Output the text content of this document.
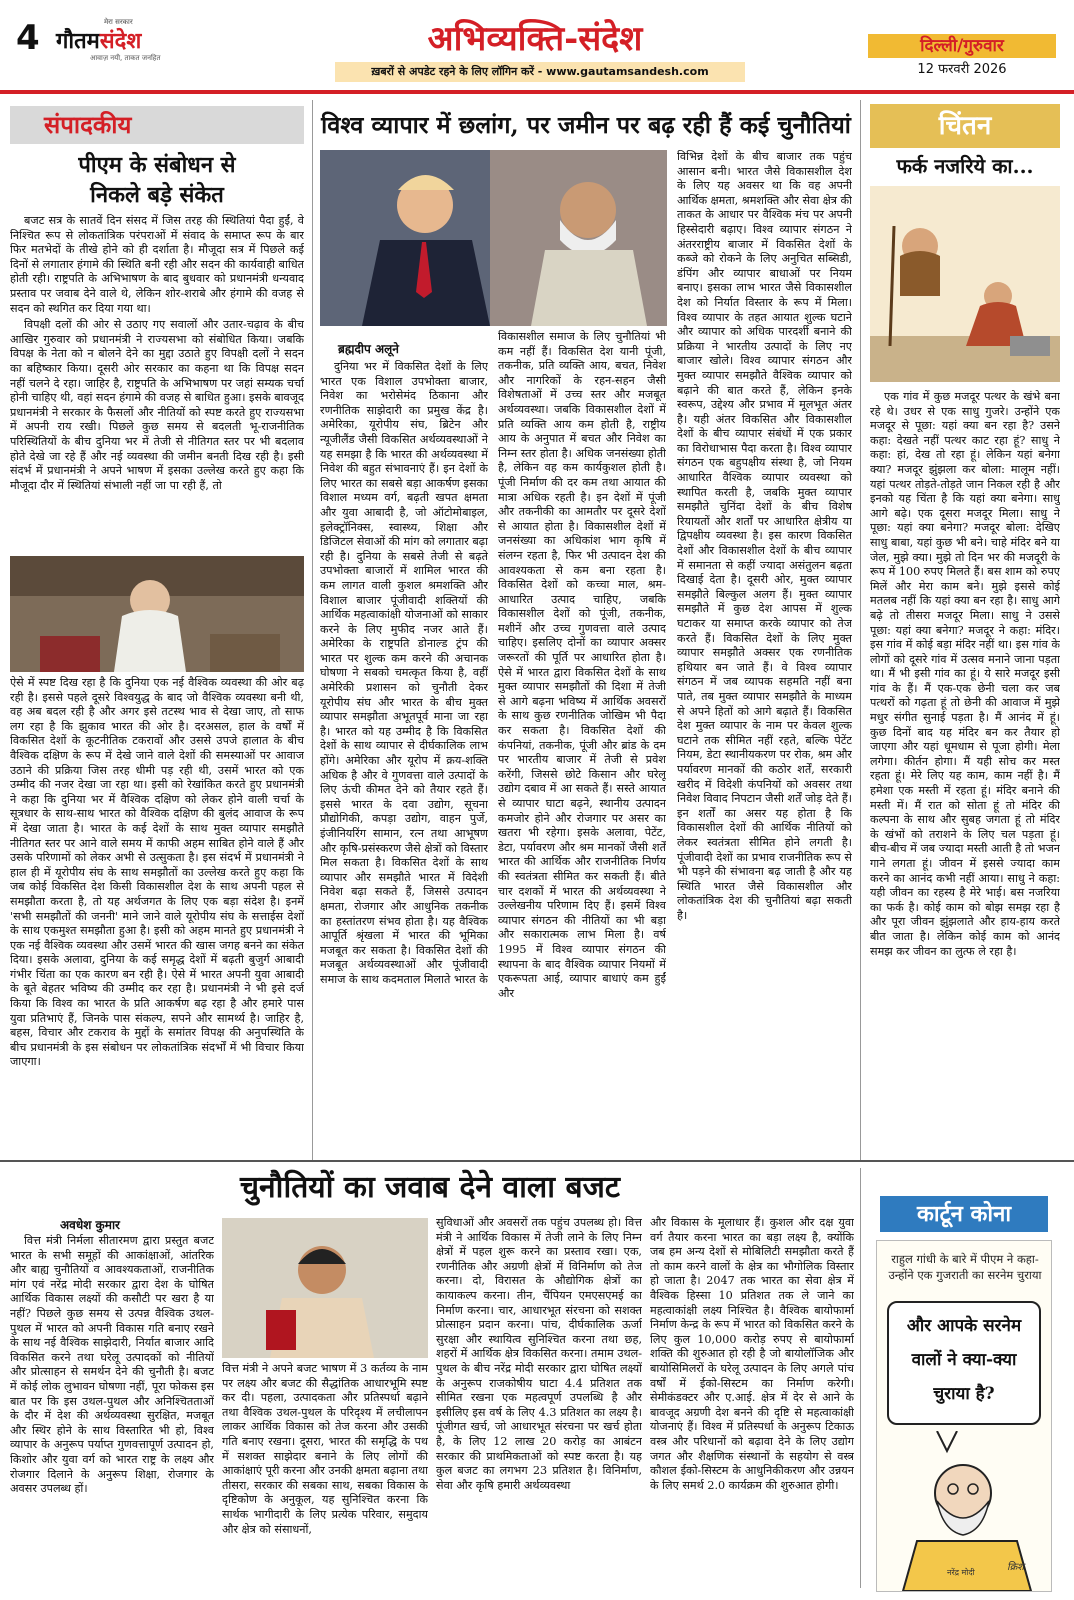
4	मेरा सरकार
गौतमसंदेश
आवाज़ नयी, ताकत जनहित	अभिव्यक्ति-संदेश
ख़बरों से अपडेट रहने के लिए लॉगिन करें - www.gautamsandesh.com
दिल्ली/गुरुवार
12 फरवरी 2026
संपादकीय
पीएम के संबोधन से
निकले बड़े संकेत

बजट सत्र के सातवें दिन संसद में जिस तरह की स्थितियां पैदा हुईं, वे निश्चित रूप से लोकतांत्रिक परंपराओं में संवाद के समाप्त रूप के बार फिर मतभेदों के तीखे होने को ही दर्शाता है। मौजूदा सत्र में पिछले कई दिनों से लगातार हंगामे की स्थिति बनी रही और सदन की कार्यवाही बाधित होती रही। राष्ट्रपति के अभिभाषण के बाद बुधवार को प्रधानमंत्री धन्यवाद प्रस्ताव पर जवाब देने वाले थे, लेकिन शोर-शराबे और हंगामे की वजह से सदन को स्थगित कर दिया गया था।

विपक्षी दलों की ओर से उठाए गए सवालों और उतार-चढ़ाव के बीच आखिर गुरुवार को प्रधानमंत्री ने राज्यसभा को संबोधित किया। जबकि विपक्ष के नेता को न बोलने देने का मुद्दा उठाते हुए विपक्षी दलों ने सदन का बहिष्कार किया। दूसरी ओर सरकार का कहना था कि विपक्ष सदन नहीं चलने दे रहा। जाहिर है, राष्ट्रपति के अभिभाषण पर जहां सम्यक चर्चा होनी चाहिए थी, वहां सदन हंगामे की वजह से बाधित हुआ। इसके बावजूद प्रधानमंत्री ने सरकार के फैसलों और नीतियों को स्पष्ट करते हुए राज्यसभा में अपनी राय रखी। पिछले कुछ समय से बदलती भू-राजनीतिक परिस्थितियों के बीच दुनिया भर में तेजी से नीतिगत स्तर पर भी बदलाव होते देखे जा रहे हैं और नई व्यवस्था की जमीन बनती दिख रही है। इसी संदर्भ में प्रधानमंत्री ने अपने भाषण में इसका उल्लेख करते हुए कहा कि मौजूदा दौर में स्थितियां संभाली नहीं जा पा रही हैं, तो

ऐसे में स्पष्ट दिख रहा है कि दुनिया एक नई वैश्विक व्यवस्था की ओर बढ़ रही है। इससे पहले दूसरे विश्वयुद्ध के बाद जो वैश्विक व्यवस्था बनी थी, वह अब बदल रही है और अगर इसे तटस्थ भाव से देखा जाए, तो साफ लग रहा है कि झुकाव भारत की ओर है। दरअसल, हाल के वर्षों में विकसित देशों के कूटनीतिक टकरावों और उससे उपजे हालात के बीच वैश्विक दक्षिण के रूप में देखे जाने वाले देशों की समस्याओं पर आवाज उठाने की प्रक्रिया जिस तरह धीमी पड़ रही थी, उसमें भारत को एक उम्मीद की नजर देखा जा रहा था। इसी को रेखांकित करते हुए प्रधानमंत्री ने कहा कि दुनिया भर में वैश्विक दक्षिण को लेकर होने वाली चर्चा के सूत्रधार के साथ-साथ भारत को वैश्विक दक्षिण की बुलंद आवाज के रूप में देखा जाता है। भारत के कई देशों के साथ मुक्त व्यापार समझौते नीतिगत स्तर पर आने वाले समय में काफी अहम साबित होने वाले हैं और उसके परिणामों को लेकर अभी से उत्सुकता है। इस संदर्भ में प्रधानमंत्री ने हाल ही में यूरोपीय संघ के साथ समझौतों का उल्लेख करते हुए कहा कि जब कोई विकसित देश किसी विकासशील देश के साथ अपनी पहल से समझौता करता है, तो यह अर्थजगत के लिए एक बड़ा संदेश है। इनमें 'सभी समझौतों की जननी' माने जाने वाले यूरोपीय संघ के सत्ताईस देशों के साथ एकमुश्त समझौता हुआ है। इसी को अहम मानते हुए प्रधानमंत्री ने एक नई वैश्विक व्यवस्था और उसमें भारत की खास जगह बनने का संकेत दिया। इसके अलावा, दुनिया के कई समृद्ध देशों में बढ़ती बुजुर्ग आबादी गंभीर चिंता का एक कारण बन रही है। ऐसे में भारत अपनी युवा आबादी के बूते बेहतर भविष्य की उम्मीद कर रहा है। प्रधानमंत्री ने भी इसे दर्ज किया कि विश्व का भारत के प्रति आकर्षण बढ़ रहा है और हमारे पास युवा प्रतिभाएं हैं, जिनके पास संकल्प, सपने और सामर्थ्य है। जाहिर है, बहस, विचार और टकराव के मुद्दों के समांतर विपक्ष की अनुपस्थिति के बीच प्रधानमंत्री के इस संबोधन पर लोकतांत्रिक संदर्भों में भी विचार किया जाएगा।

विश्व व्यापार में छलांग, पर जमीन पर बढ़ रही हैं कई चुनौतियां
ब्रह्मदीप अलूने

दुनिया भर में विकसित देशों के लिए भारत एक विशाल उपभोक्ता बाजार, निवेश का भरोसेमंद ठिकाना और रणनीतिक साझेदारी का प्रमुख केंद्र है। अमेरिका, यूरोपीय संघ, ब्रिटेन और न्यूजीलैंड जैसी विकसित अर्थव्यवस्थाओं ने यह समझा है कि भारत की अर्थव्यवस्था में निवेश की बहुत संभावनाएं हैं। इन देशों के लिए भारत का सबसे बड़ा आकर्षण इसका विशाल मध्यम वर्ग, बढ़ती खपत क्षमता और युवा आबादी है, जो ऑटोमोबाइल, इलेक्ट्रॉनिक्स, स्वास्थ्य, शिक्षा और डिजिटल सेवाओं की मांग को लगातार बढ़ा रही है। दुनिया के सबसे तेजी से बढ़ते उपभोक्ता बाजारों में शामिल भारत की कम लागत वाली कुशल श्रमशक्ति और विशाल बाजार पूंजीवादी शक्तियों की आर्थिक महत्वाकांक्षी योजनाओं को साकार करने के लिए मुफीद नजर आते हैं। अमेरिका के राष्ट्रपति डोनाल्ड ट्रंप की भारत पर शुल्क कम करने की अचानक घोषणा ने सबको चमत्कृत किया है, वहीं अमेरिकी प्रशासन को चुनौती देकर यूरोपीय संघ और भारत के बीच मुक्त व्यापार समझौता अभूतपूर्व माना जा रहा है। भारत को यह उम्मीद है कि विकसित देशों के साथ व्यापार से दीर्घकालिक लाभ होंगे। अमेरिका और यूरोप में क्रय-शक्ति अधिक है और वे गुणवत्ता वाले उत्पादों के लिए ऊंची कीमत देने को तैयार रहते हैं। इससे भारत के दवा उद्योग, सूचना प्रौद्योगिकी, कपड़ा उद्योग, वाहन पुर्जे, इंजीनियरिंग सामान, रत्न तथा आभूषण और कृषि-प्रसंस्करण जैसे क्षेत्रों को विस्तार मिल सकता है। विकसित देशों के साथ व्यापार और समझौते भारत में विदेशी निवेश बढ़ा सकते हैं, जिससे उत्पादन क्षमता, रोजगार और आधुनिक तकनीक का हस्तांतरण संभव होता है। यह वैश्विक आपूर्ति श्रृंखला में भारत की भूमिका मजबूत कर सकता है। विकसित देशों की मजबूत अर्थव्यवस्थाओं और पूंजीवादी समाज के साथ कदमताल मिलाते भारत के

विकासशील समाज के लिए चुनौतियां भी कम नहीं हैं। विकसित देश यानी पूंजी, तकनीक, प्रति व्यक्ति आय, बचत, निवेश और नागरिकों के रहन-सहन जैसी विशेषताओं में उच्च स्तर और मजबूत अर्थव्यवस्था। जबकि विकासशील देशों में प्रति व्यक्ति आय कम होती है, राष्ट्रीय आय के अनुपात में बचत और निवेश का निम्न स्तर होता है। अधिक जनसंख्या होती है, लेकिन वह कम कार्यकुशल होती है। पूंजी निर्माण की दर कम तथा आयात की मात्रा अधिक रहती है। इन देशों में पूंजी और तकनीकी का आमतौर पर दूसरे देशों से आयात होता है। विकासशील देशों में जनसंख्या का अधिकांश भाग कृषि में संलग्न रहता है, फिर भी उत्पादन देश की आवश्यकता से कम बना रहता है। विकसित देशों को कच्चा माल, श्रम-आधारित उत्पाद चाहिए, जबकि विकासशील देशों को पूंजी, तकनीक, मशीनें और उच्च गुणवत्ता वाले उत्पाद चाहिए। इसलिए दोनों का व्यापार अक्सर जरूरतों की पूर्ति पर आधारित होता है। ऐसे में भारत द्वारा विकसित देशों के साथ मुक्त व्यापार समझौतों की दिशा में तेजी से आगे बढ़ना भविष्य में आर्थिक अवसरों के साथ कुछ रणनीतिक जोखिम भी पैदा कर सकता है। विकसित देशों की कंपनियां, तकनीक, पूंजी और ब्रांड के दम पर भारतीय बाजार में तेजी से प्रवेश करेंगी, जिससे छोटे किसान और घरेलू उद्योग दबाव में आ सकते हैं। सस्ते आयात से व्यापार घाटा बढ़ने, स्थानीय उत्पादन कमजोर होने और रोजगार पर असर का खतरा भी रहेगा। इसके अलावा, पेटेंट, डेटा, पर्यावरण और श्रम मानकों जैसी शर्तें भारत की आर्थिक और राजनीतिक निर्णय की स्वतंत्रता सीमित कर सकती हैं। बीते चार दशकों में भारत की अर्थव्यवस्था ने उल्लेखनीय परिणाम दिए हैं। इसमें विश्व व्यापार संगठन की नीतियों का भी बड़ा और सकारात्मक लाभ मिला है। वर्ष 1995 में विश्व व्यापार संगठन की स्थापना के बाद वैश्विक व्यापार नियमों में एकरूपता आई, व्यापार बाधाएं कम हुईं और

विभिन्न देशों के बीच बाजार तक पहुंच आसान बनी। भारत जैसे विकासशील देश के लिए यह अवसर था कि वह अपनी आर्थिक क्षमता, श्रमशक्ति और सेवा क्षेत्र की ताकत के आधार पर वैश्विक मंच पर अपनी हिस्सेदारी बढ़ाए। विश्व व्यापार संगठन ने अंतरराष्ट्रीय बाजार में विकसित देशों के कब्जे को रोकने के लिए अनुचित सब्सिडी, डंपिंग और व्यापार बाधाओं पर नियम बनाए। इसका लाभ भारत जैसे विकासशील देश को निर्यात विस्तार के रूप में मिला। विश्व व्यापार के तहत आयात शुल्क घटाने और व्यापार को अधिक पारदर्शी बनाने की प्रक्रिया ने भारतीय उत्पादों के लिए नए बाजार खोले। विश्व व्यापार संगठन और मुक्त व्यापार समझौते वैश्विक व्यापार को बढ़ाने की बात करते हैं, लेकिन इनके स्वरूप, उद्देश्य और प्रभाव में मूलभूत अंतर है। यही अंतर विकसित और विकासशील देशों के बीच व्यापार संबंधों में एक प्रकार का विरोधाभास पैदा करता है। विश्व व्यापार संगठन एक बहुपक्षीय संस्था है, जो नियम आधारित वैश्विक व्यापार व्यवस्था को स्थापित करती है, जबकि मुक्त व्यापार समझौते चुनिंदा देशों के बीच विशेष रियायतों और शर्तों पर आधारित क्षेत्रीय या द्विपक्षीय व्यवस्था है। इस कारण विकसित देशों और विकासशील देशों के बीच व्यापार में समानता से कहीं ज्यादा असंतुलन बढ़ता दिखाई देता है। दूसरी ओर, मुक्त व्यापार समझौते बिल्कुल अलग हैं। मुक्त व्यापार समझौते में कुछ देश आपस में शुल्क घटाकर या समाप्त करके व्यापार को तेज करते हैं। विकसित देशों के लिए मुक्त व्यापार समझौते अक्सर एक रणनीतिक हथियार बन जाते हैं। वे विश्व व्यापार संगठन में जब व्यापक सहमति नहीं बना पाते, तब मुक्त व्यापार समझौते के माध्यम से अपने हितों को आगे बढ़ाते हैं। विकसित देश मुक्त व्यापार के नाम पर केवल शुल्क घटाने तक सीमित नहीं रहते, बल्कि पेटेंट नियम, डेटा स्थानीयकरण पर रोक, श्रम और पर्यावरण मानकों की कठोर शर्तें, सरकारी खरीद में विदेशी कंपनियों को अवसर तथा निवेश विवाद निपटान जैसी शर्तें जोड़ देते हैं। इन शर्तों का असर यह होता है कि विकासशील देशों की आर्थिक नीतियों को लेकर स्वतंत्रता सीमित होने लगती है। पूंजीवादी देशों का प्रभाव राजनीतिक रूप से भी पड़ने की संभावना बढ़ जाती है और यह स्थिति भारत जैसे विकासशील और लोकतांत्रिक देश की चुनौतियां बढ़ा सकती है।

चिंतन
फर्क नजरिये का...

एक गांव में कुछ मजदूर पत्थर के खंभे बना रहे थे। उधर से एक साधु गुजरे। उन्होंने एक मजदूर से पूछा: यहां क्या बन रहा है? उसने कहा: देखते नहीं पत्थर काट रहा हूं? साधु ने कहा: हां, देख तो रहा हूं। लेकिन यहां बनेगा क्या? मजदूर झुंझला कर बोला: मालूम नहीं। यहां पत्थर तोड़ते-तोड़ते जान निकल रही है और इनको यह चिंता है कि यहां क्या बनेगा। साधु आगे बढ़े। एक दूसरा मजदूर मिला। साधु ने पूछा: यहां क्या बनेगा? मजदूर बोला: देखिए साधु बाबा, यहां कुछ भी बने। चाहे मंदिर बने या जेल, मुझे क्या। मुझे तो दिन भर की मजदूरी के रूप में 100 रुपए मिलते हैं। बस शाम को रुपए मिलें और मेरा काम बने। मुझे इससे कोई मतलब नहीं कि यहां क्या बन रहा है। साधु आगे बढ़े तो तीसरा मजदूर मिला। साधु ने उससे पूछा: यहां क्या बनेगा? मजदूर ने कहा: मंदिर। इस गांव में कोई बड़ा मंदिर नहीं था। इस गांव के लोगों को दूसरे गांव में उत्सव मनाने जाना पड़ता था। मैं भी इसी गांव का हूं। ये सारे मजदूर इसी गांव के हैं। मैं एक-एक छेनी चला कर जब पत्थरों को गढ़ता हूं तो छेनी की आवाज में मुझे मधुर संगीत सुनाई पड़ता है। मैं आनंद में हूं। कुछ दिनों बाद यह मंदिर बन कर तैयार हो जाएगा और यहां धूमधाम से पूजा होगी। मेला लगेगा। कीर्तन होगा। मैं यही सोच कर मस्त रहता हूं। मेरे लिए यह काम, काम नहीं है। मैं हमेशा एक मस्ती में रहता हूं। मंदिर बनाने की मस्ती में। मैं रात को सोता हूं तो मंदिर की कल्पना के साथ और सुबह जगता हूं तो मंदिर के खंभों को तराशने के लिए चल पड़ता हूं। बीच-बीच में जब ज्यादा मस्ती आती है तो भजन गाने लगता हूं। जीवन में इससे ज्यादा काम करने का आनंद कभी नहीं आया। साधु ने कहा: यही जीवन का रहस्य है मेरे भाई। बस नजरिया का फर्क है। कोई काम को बोझ समझ रहा है और पूरा जीवन झुंझलाते और हाय-हाय करते बीत जाता है। लेकिन कोई काम को आनंद समझ कर जीवन का लुत्फ ले रहा है।

चुनौतियों का जवाब देने वाला बजट
अवधेश कुमार

वित्त मंत्री निर्मला सीतारमण द्वारा प्रस्तुत बजट भारत के सभी समूहों की आकांक्षाओं, आंतरिक और बाह्य चुनौतियों व आवश्यकताओं, राजनीतिक मांग एवं नरेंद्र मोदी सरकार द्वारा देश के घोषित आर्थिक विकास लक्ष्यों की कसौटी पर खरा है या नहीं? पिछले कुछ समय से उत्पन्न वैश्विक उथल-पुथल में भारत को अपनी विकास गति बनाए रखने के साथ नई वैश्विक साझेदारी, निर्यात बाजार आदि विकसित करने तथा घरेलू उत्पादकों को नीतियों और प्रोत्साहन से समर्थन देने की चुनौती है। बजट में कोई लोक लुभावन घोषणा नहीं, पूरा फोकस इस बात पर कि इस उथल-पुथल और अनिश्चितताओं के दौर में देश की अर्थव्यवस्था सुरक्षित, मजबूत और स्थिर होने के साथ विस्तारित भी हो, विश्व व्यापार के अनुरूप पर्याप्त गुणवत्तापूर्ण उत्पादन हो, किशोर और युवा वर्ग को भारत राष्ट्र के लक्ष्य और रोजगार दिलाने के अनुरूप शिक्षा, रोजगार के अवसर उपलब्ध हों।

वित्त मंत्री ने अपने बजट भाषण में 3 कर्तव्य के नाम पर लक्ष्य और बजट की सैद्धांतिक आधारभूमि स्पष्ट कर दी। पहला, उत्पादकता और प्रतिस्पर्धा बढ़ाने तथा वैश्विक उथल-पुथल के परिदृश्य में लचीलापन लाकर आर्थिक विकास को तेज करना और उसकी गति बनाए रखना। दूसरा, भारत की समृद्धि के पथ में सशक्त साझेदार बनाने के लिए लोगों की आकांक्षाएं पूरी करना और उनकी क्षमता बढ़ाना तथा तीसरा, सरकार की सबका साथ, सबका विकास के दृष्टिकोण के अनुकूल, यह सुनिश्चित करना कि सार्थक भागीदारी के लिए प्रत्येक परिवार, समुदाय और क्षेत्र को संसाधनों,

सुविधाओं और अवसरों तक पहुंच उपलब्ध हो। वित्त मंत्री ने आर्थिक विकास में तेजी लाने के लिए निम्न क्षेत्रों में पहल शुरू करने का प्रस्ताव रखा। एक, रणनीतिक और अग्रणी क्षेत्रों में विनिर्माण को तेज करना। दो, विरासत के औद्योगिक क्षेत्रों का कायाकल्प करना। तीन, चैंपियन एमएसएमई का निर्माण करना। चार, आधारभूत संरचना को सशक्त प्रोत्साहन प्रदान करना। पांच, दीर्घकालिक ऊर्जा सुरक्षा और स्थायित्व सुनिश्चित करना तथा छह, शहरों में आर्थिक क्षेत्र विकसित करना। तमाम उथल-पुथल के बीच नरेंद्र मोदी सरकार द्वारा घोषित लक्ष्यों के अनुरूप राजकोषीय घाटा 4.4 प्रतिशत तक सीमित रखना एक महत्वपूर्ण उपलब्धि है और इसीलिए इस वर्ष के लिए 4.3 प्रतिशत का लक्ष्य है। पूंजीगत खर्च, जो आधारभूत संरचना पर खर्च होता है, के लिए 12 लाख 20 करोड़ का आबंटन सरकार की प्राथमिकताओं को स्पष्ट करता है। यह कुल बजट का लगभग 23 प्रतिशत है। विनिर्माण, सेवा और कृषि हमारी अर्थव्यवस्था

और विकास के मूलाधार हैं। कुशल और दक्ष युवा वर्ग तैयार करना भारत का बड़ा लक्ष्य है, क्योंकि जब हम अन्य देशों से मोबिलिटी समझौता करते हैं तो काम करने वालों के क्षेत्र का भौगोलिक विस्तार हो जाता है। 2047 तक भारत का सेवा क्षेत्र में वैश्विक हिस्सा 10 प्रतिशत तक ले जाने का महत्वाकांक्षी लक्ष्य निश्चित है। वैश्विक बायोफार्मा निर्माण केन्द्र के रूप में भारत को विकसित करने के लिए कुल 10,000 करोड़ रुपए से बायोफार्मा शक्ति की शुरुआत हो रही है जो बायोलॉजिक और बायोसिमिलरों के घरेलू उत्पादन के लिए अगले पांच वर्षों में ईको-सिस्टम का निर्माण करेगी। सेमीकंडक्टर और ए.आई. क्षेत्र में देर से आने के बावजूद अग्रणी देश बनने की दृष्टि से महत्वाकांक्षी योजनाएं हैं। विश्व में प्रतिस्पर्धा के अनुरूप टिकाऊ वस्त्र और परिधानों को बढ़ावा देने के लिए उद्योग जगत और शैक्षणिक संस्थानों के सहयोग से वस्त्र कौशल ईको-सिस्टम के आधुनिकीकरण और उन्नयन के लिए समर्थ 2.0 कार्यक्रम की शुरुआत होगी।

कार्टून कोना
राहुल गांधी के बारे में पीएम ने कहा-
उन्होंने एक गुजराती का सरनेम चुराया
और आपके सरनेम
वालों ने क्या-क्या
चुराया है?
नरेंद्र मोदी	क्रिश
